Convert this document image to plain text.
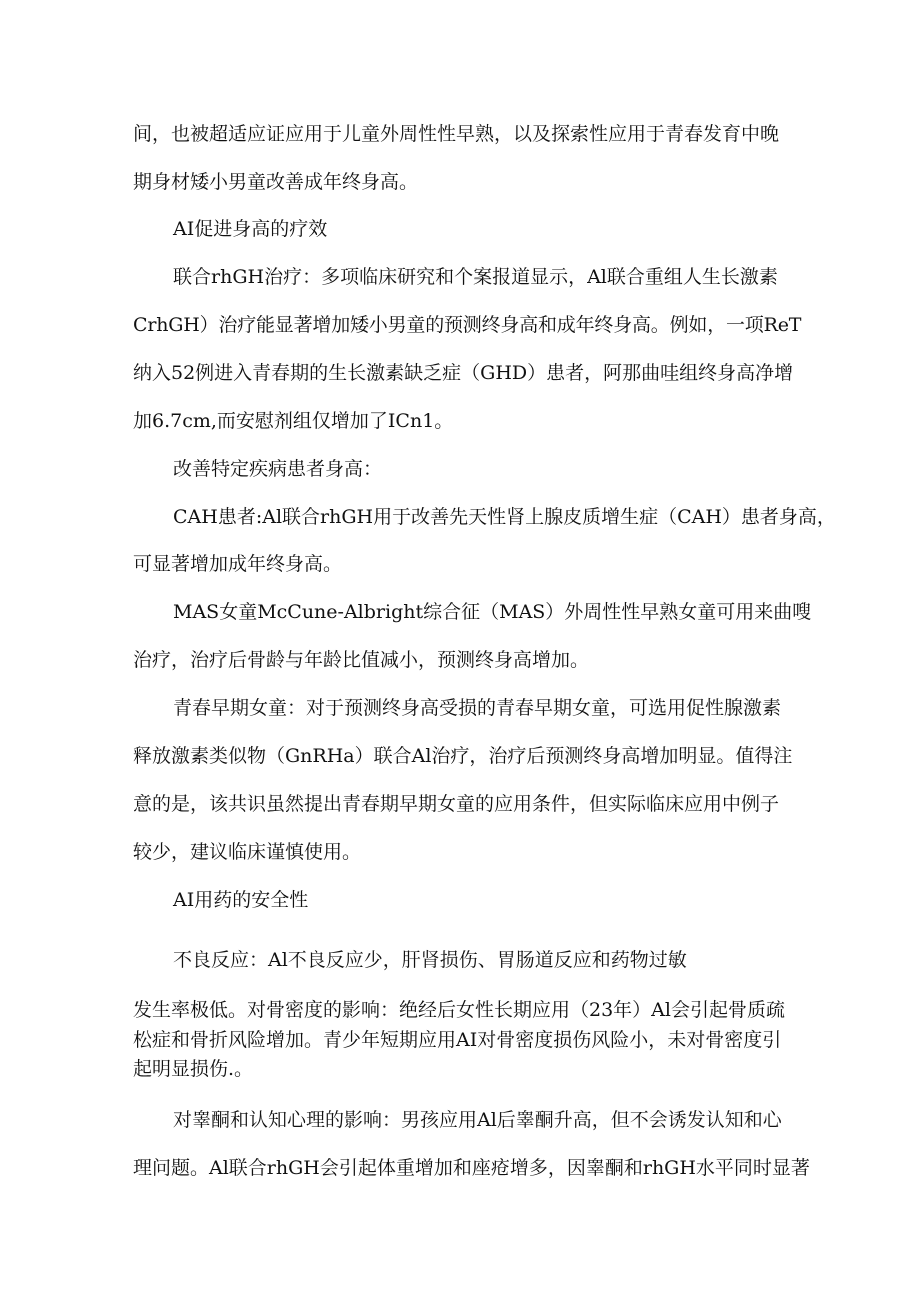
间，也被超适应证应用于儿童外周性性早熟，以及探索性应用于青春发育中晚
期身材矮小男童改善成年终身高。
AI促进身高的疗效
联合rhGH治疗：多项临床研究和个案报道显示，Al联合重组人生长激素
CrhGH）治疗能显著增加矮小男童的预测终身高和成年终身高。例如，一项ReT
纳入52例进入青春期的生长激素缺乏症（GHD）患者，阿那曲哇组终身高净增
加6.7cm,而安慰剂组仅增加了ICn1。
改善特定疾病患者身高：
CAH患者:Al联合rhGH用于改善先天性肾上腺皮质增生症（CAH）患者身高，
可显著增加成年终身高。
MAS女童McCune-Albright综合征（MAS）外周性性早熟女童可用来曲嗖
治疗，治疗后骨龄与年龄比值减小，预测终身高增加。
青春早期女童：对于预测终身高受损的青春早期女童，可选用促性腺激素
释放激素类似物（GnRHa）联合Al治疗，治疗后预测终身高增加明显。值得注
意的是，该共识虽然提出青春期早期女童的应用条件，但实际临床应用中例子
较少，建议临床谨慎使用。
AI用药的安全性
不良反应：Al不良反应少，肝肾损伤、胃肠道反应和药物过敏
发生率极低。对骨密度的影响：绝经后女性长期应用（23年）Al会引起骨质疏
松症和骨折风险增加。青少年短期应用AI对骨密度损伤风险小，未对骨密度引
起明显损伤.。
对睾酮和认知心理的影响：男孩应用Al后睾酮升高，但不会诱发认知和心
理问题。Al联合rhGH会引起体重增加和座疮增多，因睾酮和rhGH水平同时显著
